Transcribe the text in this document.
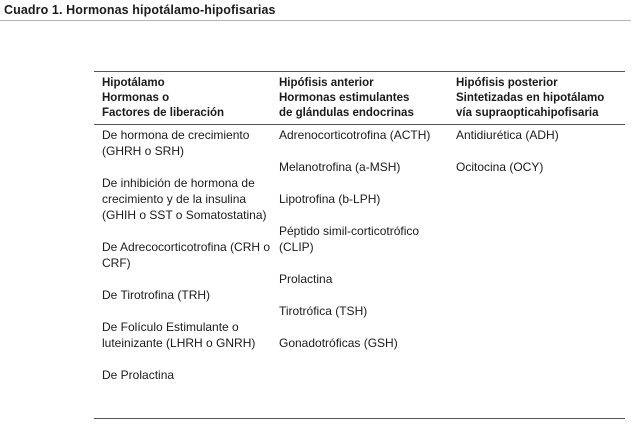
Cuadro 1. Hormonas hipotálamo-hipofisarias
Hipotálamo
Hormonas o
Factores de liberación
Hipófisis anterior
Hormonas estimulantes
de glándulas endocrinas
Hipófisis posterior
Sintetizadas en hipotálamo
vía supraopticahipofisaria
De hormona de crecimiento (GHRH o SRH)
De inhibición de hormona de crecimiento y de la insulina (GHIH o SST o Somatostatina)
De Adrecocorticotrofina (CRH o CRF)
De Tirotrofina (TRH)
De Folículo Estimulante o luteinizante (LHRH o GNRH)
De Prolactina
Adrenocorticotrofina (ACTH)
Melanotrofina (a-MSH)
Lipotrofina (b-LPH)
Péptido simil-corticotrófico (CLIP)
Prolactina
Tirotrófica (TSH)
Gonadotróficas (GSH)
Antidiurética (ADH)
Ocitocina (OCY)
